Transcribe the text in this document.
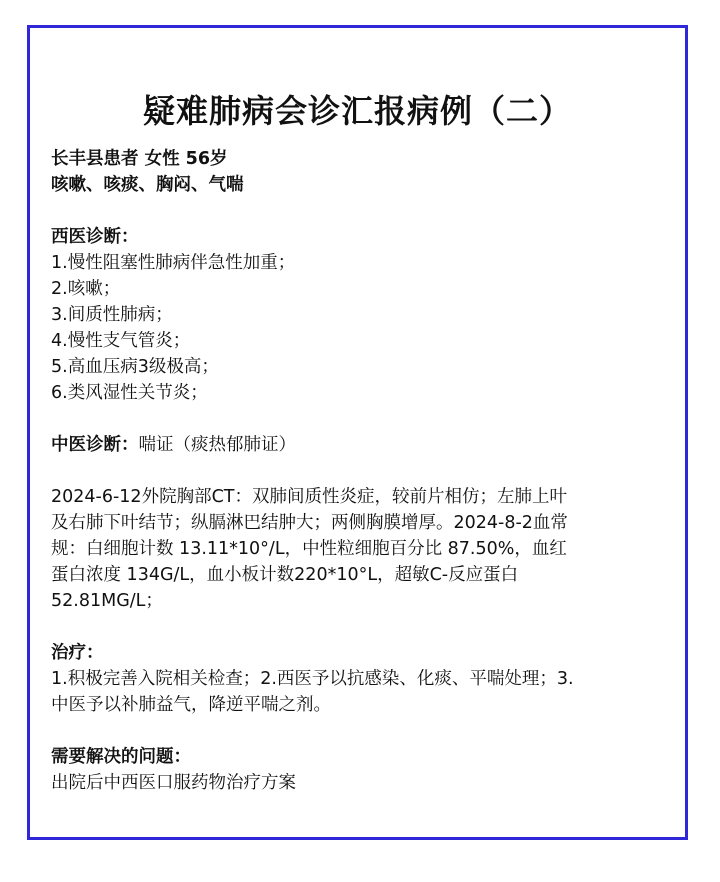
疑难肺病会诊汇报病例（二）
长丰县患者 女性 56岁
咳嗽、咳痰、胸闷、气喘
西医诊断：
1.慢性阻塞性肺病伴急性加重；
2.咳嗽；
3.间质性肺病；
4.慢性支气管炎；
5.高血压病3级极高；
6.类风湿性关节炎；
中医诊断：喘证（痰热郁肺证）
2024-6-12外院胸部CT：双肺间质性炎症，较前片相仿；左肺上叶
及右肺下叶结节；纵膈淋巴结肿大；两侧胸膜增厚。2024-8-2血常
规：白细胞计数 13.11*10°/L，中性粒细胞百分比 87.50%，血红
蛋白浓度 134G/L，血小板计数220*10°L，超敏C-反应蛋白
52.81MG/L；
治疗：
1.积极完善入院相关检查；2.西医予以抗感染、化痰、平喘处理；3.
中医予以补肺益气，降逆平喘之剂。
需要解决的问题：
出院后中西医口服药物治疗方案
